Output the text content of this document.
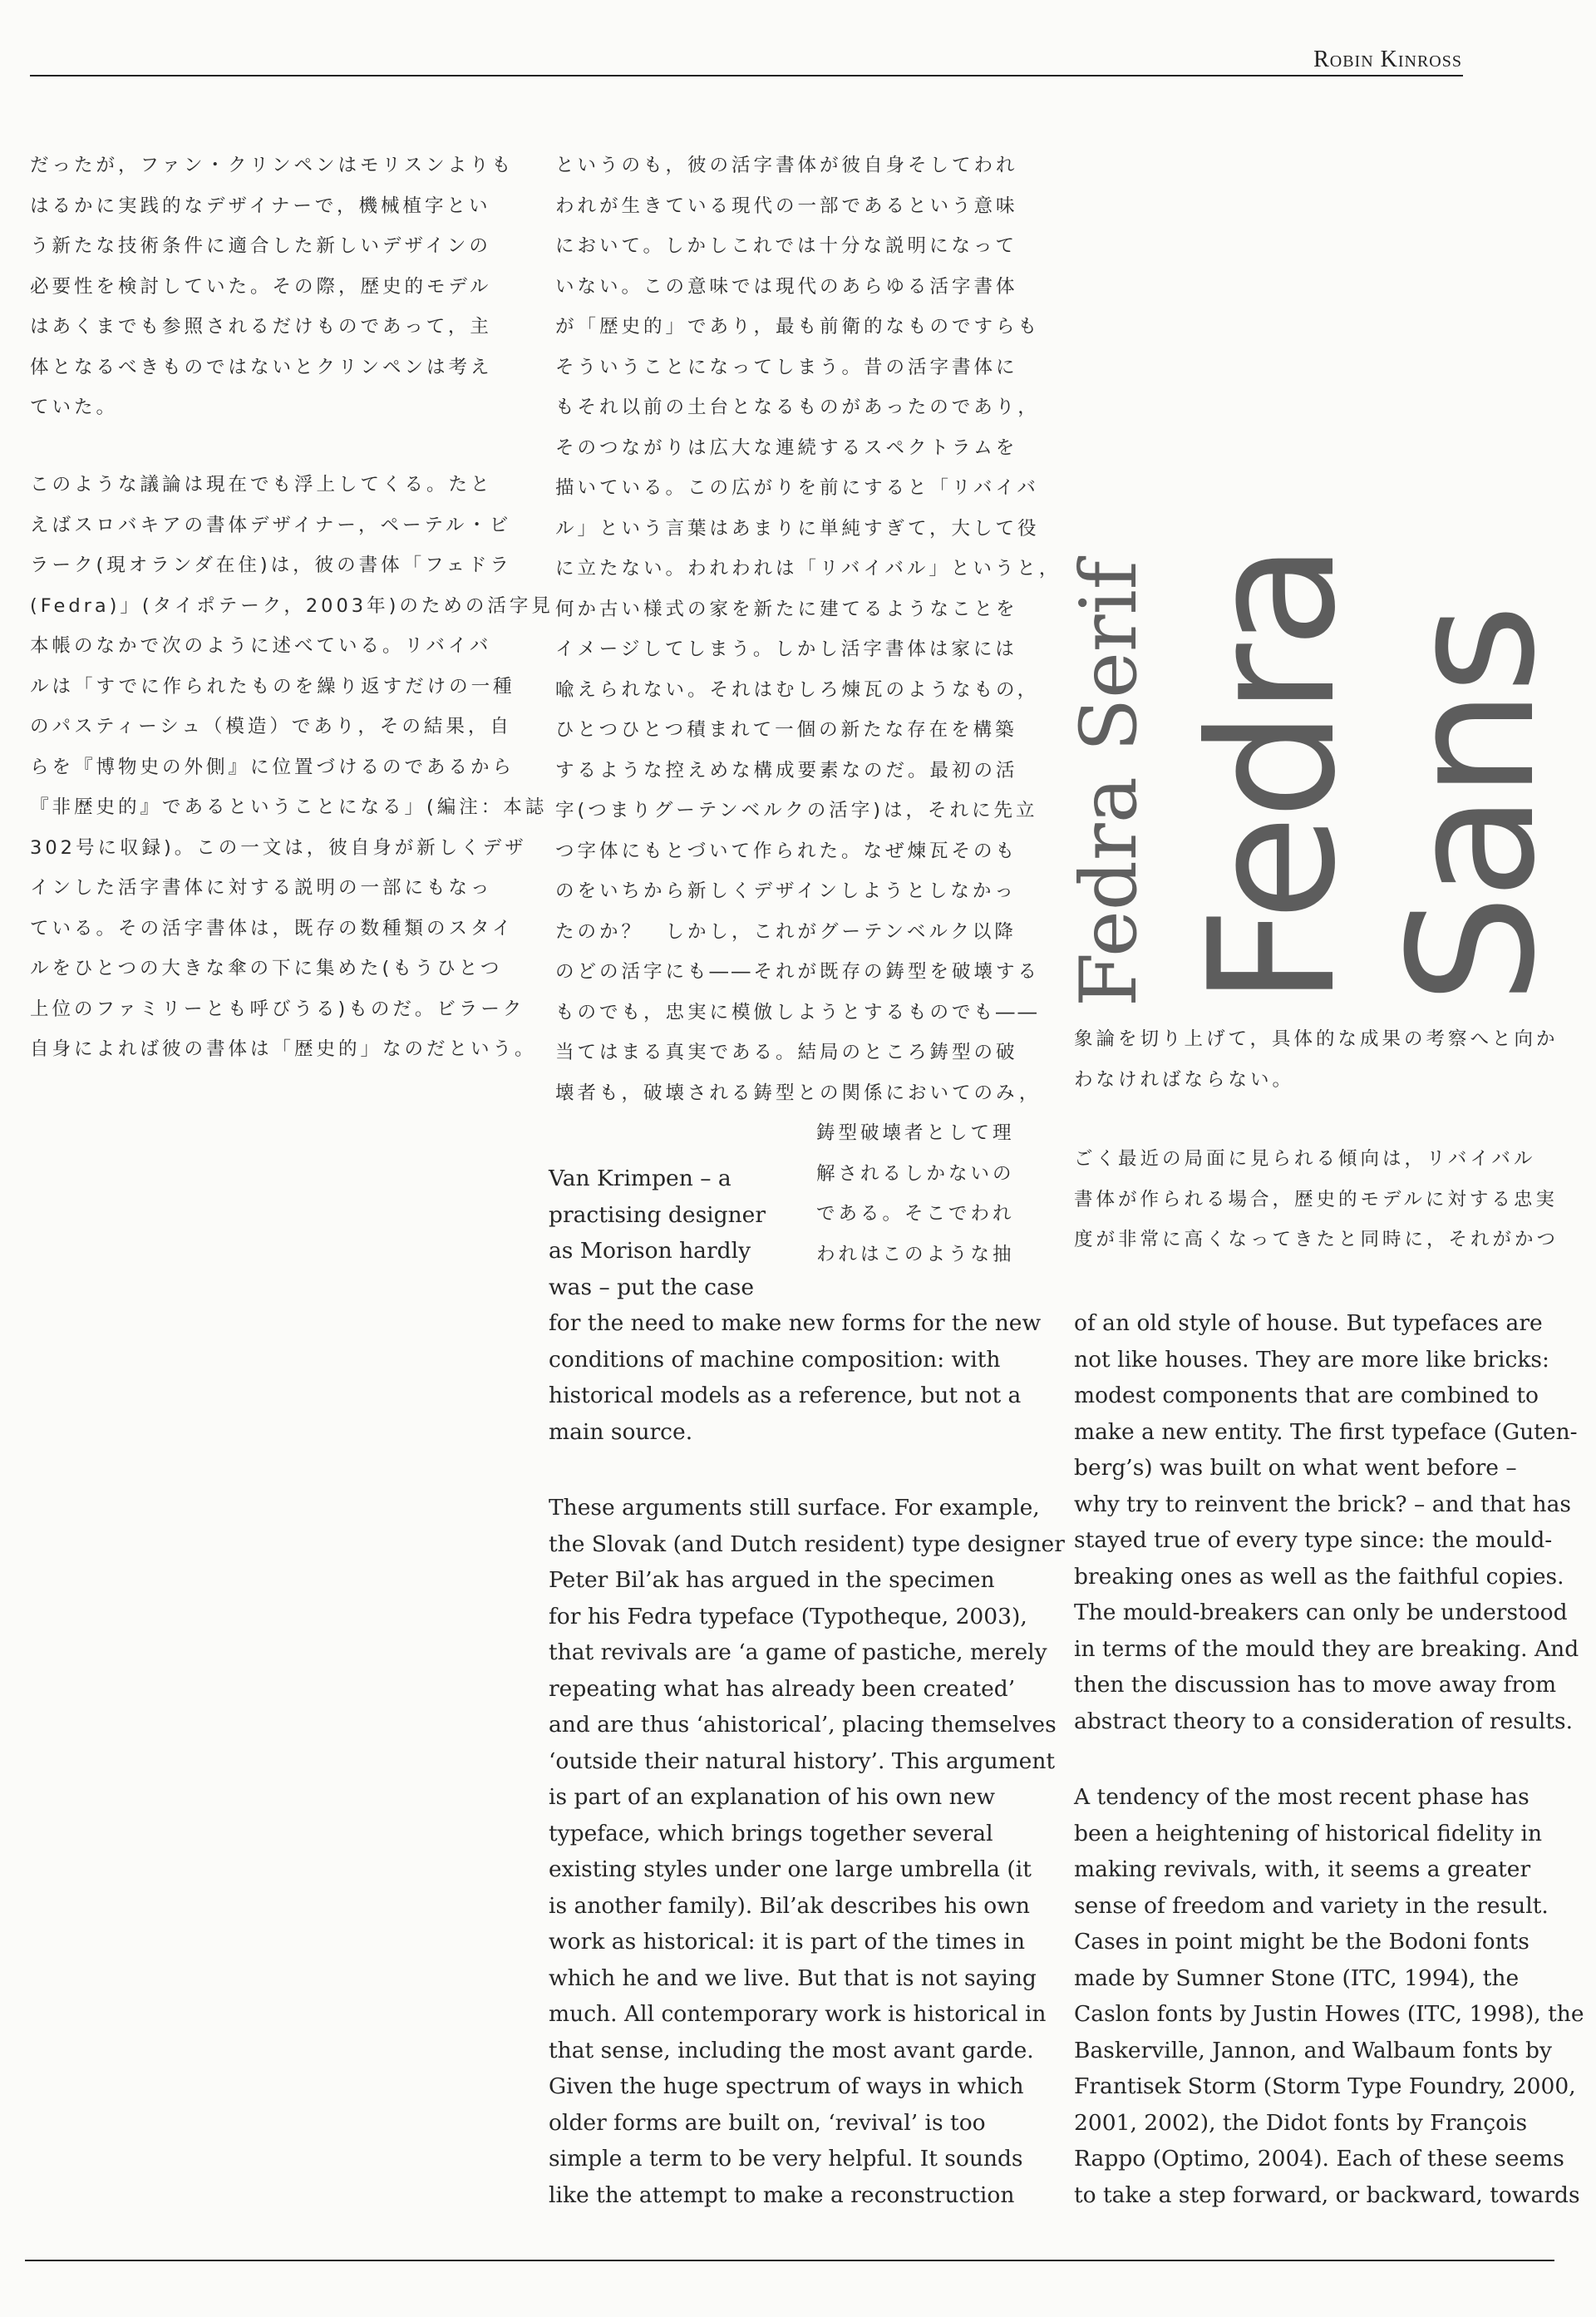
Robin Kinross
だったが，ファン・クリンペンはモリスンよりも
はるかに実践的なデザイナーで，機械植字とい
う新たな技術条件に適合した新しいデザインの
必要性を検討していた。その際，歴史的モデル
はあくまでも参照されるだけものであって，主
体となるべきものではないとクリンペンは考え
ていた。
このような議論は現在でも浮上してくる。たと
えばスロバキアの書体デザイナー，ペーテル・ビ
ラーク(現オランダ在住)は，彼の書体「フェドラ
(Fedra)」(タイポテーク，2003年)のための活字見
本帳のなかで次のように述べている。リバイバ
ルは「すでに作られたものを繰り返すだけの一種
のパスティーシュ（模造）であり，その結果，自
らを『博物史の外側』に位置づけるのであるから
『非歴史的』であるということになる」(編注：本誌
302号に収録)。この一文は，彼自身が新しくデザ
インした活字書体に対する説明の一部にもなっ
ている。その活字書体は，既存の数種類のスタイ
ルをひとつの大きな傘の下に集めた(もうひとつ
上位のファミリーとも呼びうる)ものだ。ビラーク
自身によれば彼の書体は「歴史的」なのだという。
というのも，彼の活字書体が彼自身そしてわれ
われが生きている現代の一部であるという意味
において。しかしこれでは十分な説明になって
いない。この意味では現代のあらゆる活字書体
が「歴史的」であり，最も前衛的なものですらも
そういうことになってしまう。昔の活字書体に
もそれ以前の土台となるものがあったのであり，
そのつながりは広大な連続するスペクトラムを
描いている。この広がりを前にすると「リバイバ
ル」という言葉はあまりに単純すぎて，大して役
に立たない。われわれは「リバイバル」というと，
何か古い様式の家を新たに建てるようなことを
イメージしてしまう。しかし活字書体は家には
喩えられない。それはむしろ煉瓦のようなもの，
ひとつひとつ積まれて一個の新たな存在を構築
するような控えめな構成要素なのだ。最初の活
字(つまりグーテンベルクの活字)は，それに先立
つ字体にもとづいて作られた。なぜ煉瓦そのも
のをいちから新しくデザインしようとしなかっ
たのか？　しかし，これがグーテンベルク以降
のどの活字にも――それが既存の鋳型を破壊する
ものでも，忠実に模倣しようとするものでも――
当てはまる真実である。結局のところ鋳型の破
壊者も，破壊される鋳型との関係においてのみ，
鋳型破壊者として理
解されるしかないの
である。そこでわれ
われはこのような抽
Van Krimpen – a
practising designer
as Morison hardly
was – put the case
for the need to make new forms for the new
conditions of machine composition: with
historical models as a reference, but not a
main source.
These arguments still surface. For example,
the Slovak (and Dutch resident) type designer
Peter Bil’ak has argued in the specimen
for his Fedra typeface (Typotheque, 2003),
that revivals are ‘a game of pastiche, merely
repeating what has already been created’
and are thus ‘ahistorical’, placing themselves
‘outside their natural history’. This argument
is part of an explanation of his own new
typeface, which brings together several
existing styles under one large umbrella (it
is another family). Bil’ak describes his own
work as historical: it is part of the times in
which he and we live. But that is not saying
much. All contemporary work is historical in
that sense, including the most avant garde.
Given the huge spectrum of ways in which
older forms are built on, ‘revival’ is too
simple a term to be very helpful. It sounds
like the attempt to make a reconstruction
Fedra Serif Fedra
Sans
象論を切り上げて，具体的な成果の考察へと向か
わなければならない。
ごく最近の局面に見られる傾向は，リバイバル
書体が作られる場合，歴史的モデルに対する忠実
度が非常に高くなってきたと同時に，それがかつ
of an old style of house. But typefaces are
not like houses. They are more like bricks:
modest components that are combined to
make a new entity. The first typeface (Guten-
berg’s) was built on what went before –
why try to reinvent the brick? – and that has
stayed true of every type since: the mould-
breaking ones as well as the faithful copies.
The mould-breakers can only be understood
in terms of the mould they are breaking. And
then the discussion has to move away from
abstract theory to a consideration of results.
A tendency of the most recent phase has
been a heightening of historical fidelity in
making revivals, with, it seems a greater
sense of freedom and variety in the result.
Cases in point might be the Bodoni fonts
made by Sumner Stone (ITC, 1994), the
Caslon fonts by Justin Howes (ITC, 1998), the
Baskerville, Jannon, and Walbaum fonts by
Frantisek Storm (Storm Type Foundry, 2000,
2001, 2002), the Didot fonts by François
Rappo (Optimo, 2004). Each of these seems
to take a step forward, or backward, towards
